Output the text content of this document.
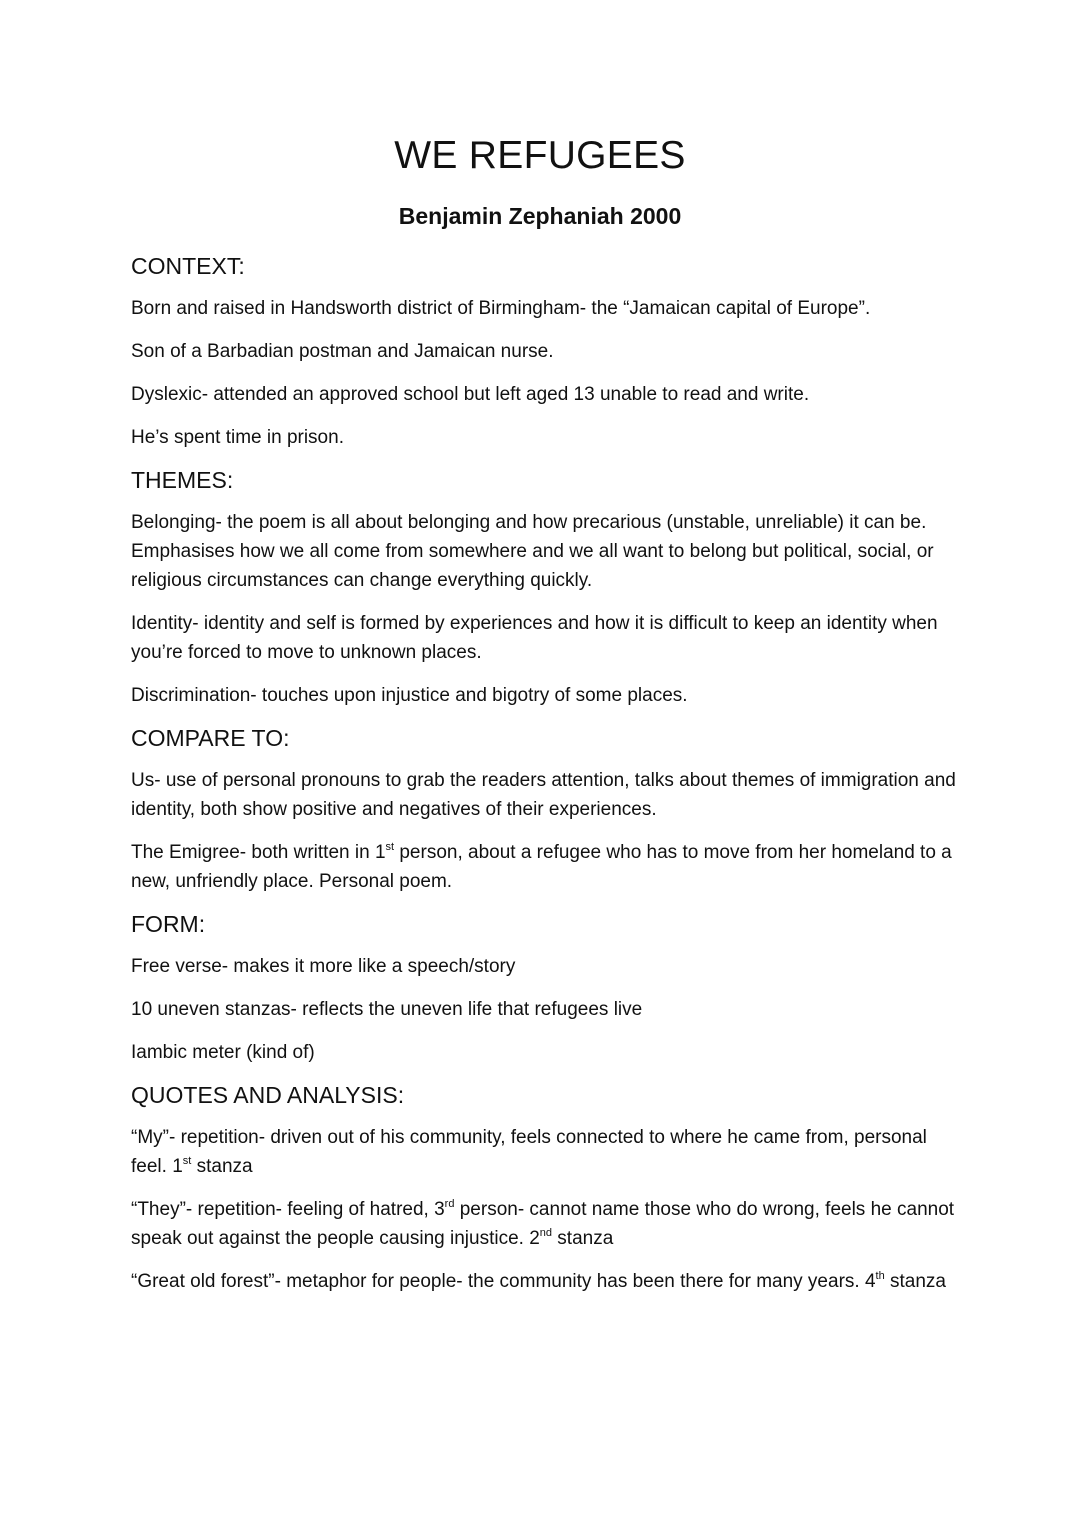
WE REFUGEES
Benjamin Zephaniah 2000
CONTEXT:

Born and raised in Handsworth district of Birmingham- the “Jamaican capital of Europe”.

Son of a Barbadian postman and Jamaican nurse.

Dyslexic- attended an approved school but left aged 13 unable to read and write.

He’s spent time in prison.

THEMES:

Belonging- the poem is all about belonging and how precarious (unstable, unreliable) it can be. Emphasises how we all come from somewhere and we all want to belong but political, social, or religious circumstances can change everything quickly.

Identity- identity and self is formed by experiences and how it is difficult to keep an identity when you’re forced to move to unknown places.

Discrimination- touches upon injustice and bigotry of some places.

COMPARE TO:

Us- use of personal pronouns to grab the readers attention, talks about themes of immigration and identity, both show positive and negatives of their experiences.

The Emigree- both written in 1st person, about a refugee who has to move from her homeland to a new, unfriendly place. Personal poem.

FORM:

Free verse- makes it more like a speech/story

10 uneven stanzas- reflects the uneven life that refugees live

Iambic meter (kind of)

QUOTES AND ANALYSIS:

“My”- repetition- driven out of his community, feels connected to where he came from, personal feel. 1st stanza

“They”- repetition- feeling of hatred, 3rd person- cannot name those who do wrong, feels he cannot speak out against the people causing injustice. 2nd stanza

“Great old forest”- metaphor for people- the community has been there for many years. 4th stanza
